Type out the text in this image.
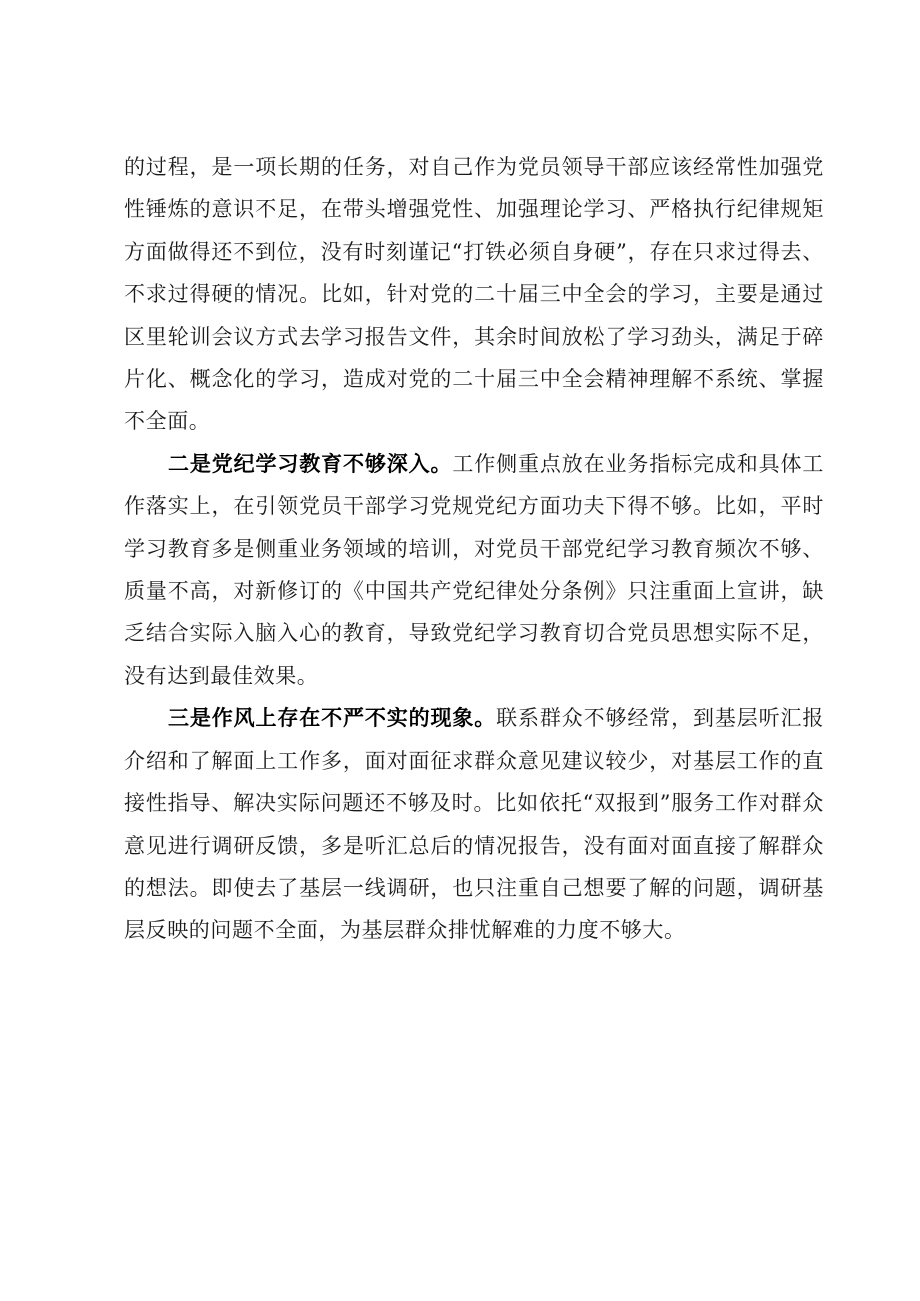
的过程，是一项长期的任务，对自己作为党员领导干部应该经常性加强党性锤炼的意识不足，在带头增强党性、加强理论学习、严格执行纪律规矩方面做得还不到位，没有时刻谨记“打铁必须自身硬”，存在只求过得去、不求过得硬的情况。比如，针对党的二十届三中全会的学习，主要是通过区里轮训会议方式去学习报告文件，其余时间放松了学习劲头，满足于碎片化、概念化的学习，造成对党的二十届三中全会精神理解不系统、掌握不全面。

二是党纪学习教育不够深入。工作侧重点放在业务指标完成和具体工作落实上，在引领党员干部学习党规党纪方面功夫下得不够。比如，平时学习教育多是侧重业务领域的培训，对党员干部党纪学习教育频次不够、质量不高，对新修订的《中国共产党纪律处分条例》只注重面上宣讲，缺乏结合实际入脑入心的教育，导致党纪学习教育切合党员思想实际不足，没有达到最佳效果。

三是作风上存在不严不实的现象。联系群众不够经常，到基层听汇报介绍和了解面上工作多，面对面征求群众意见建议较少，对基层工作的直接性指导、解决实际问题还不够及时。比如依托“双报到”服务工作对群众意见进行调研反馈，多是听汇总后的情况报告，没有面对面直接了解群众的想法。即使去了基层一线调研，也只注重自己想要了解的问题，调研基层反映的问题不全面，为基层群众排忧解难的力度不够大。
